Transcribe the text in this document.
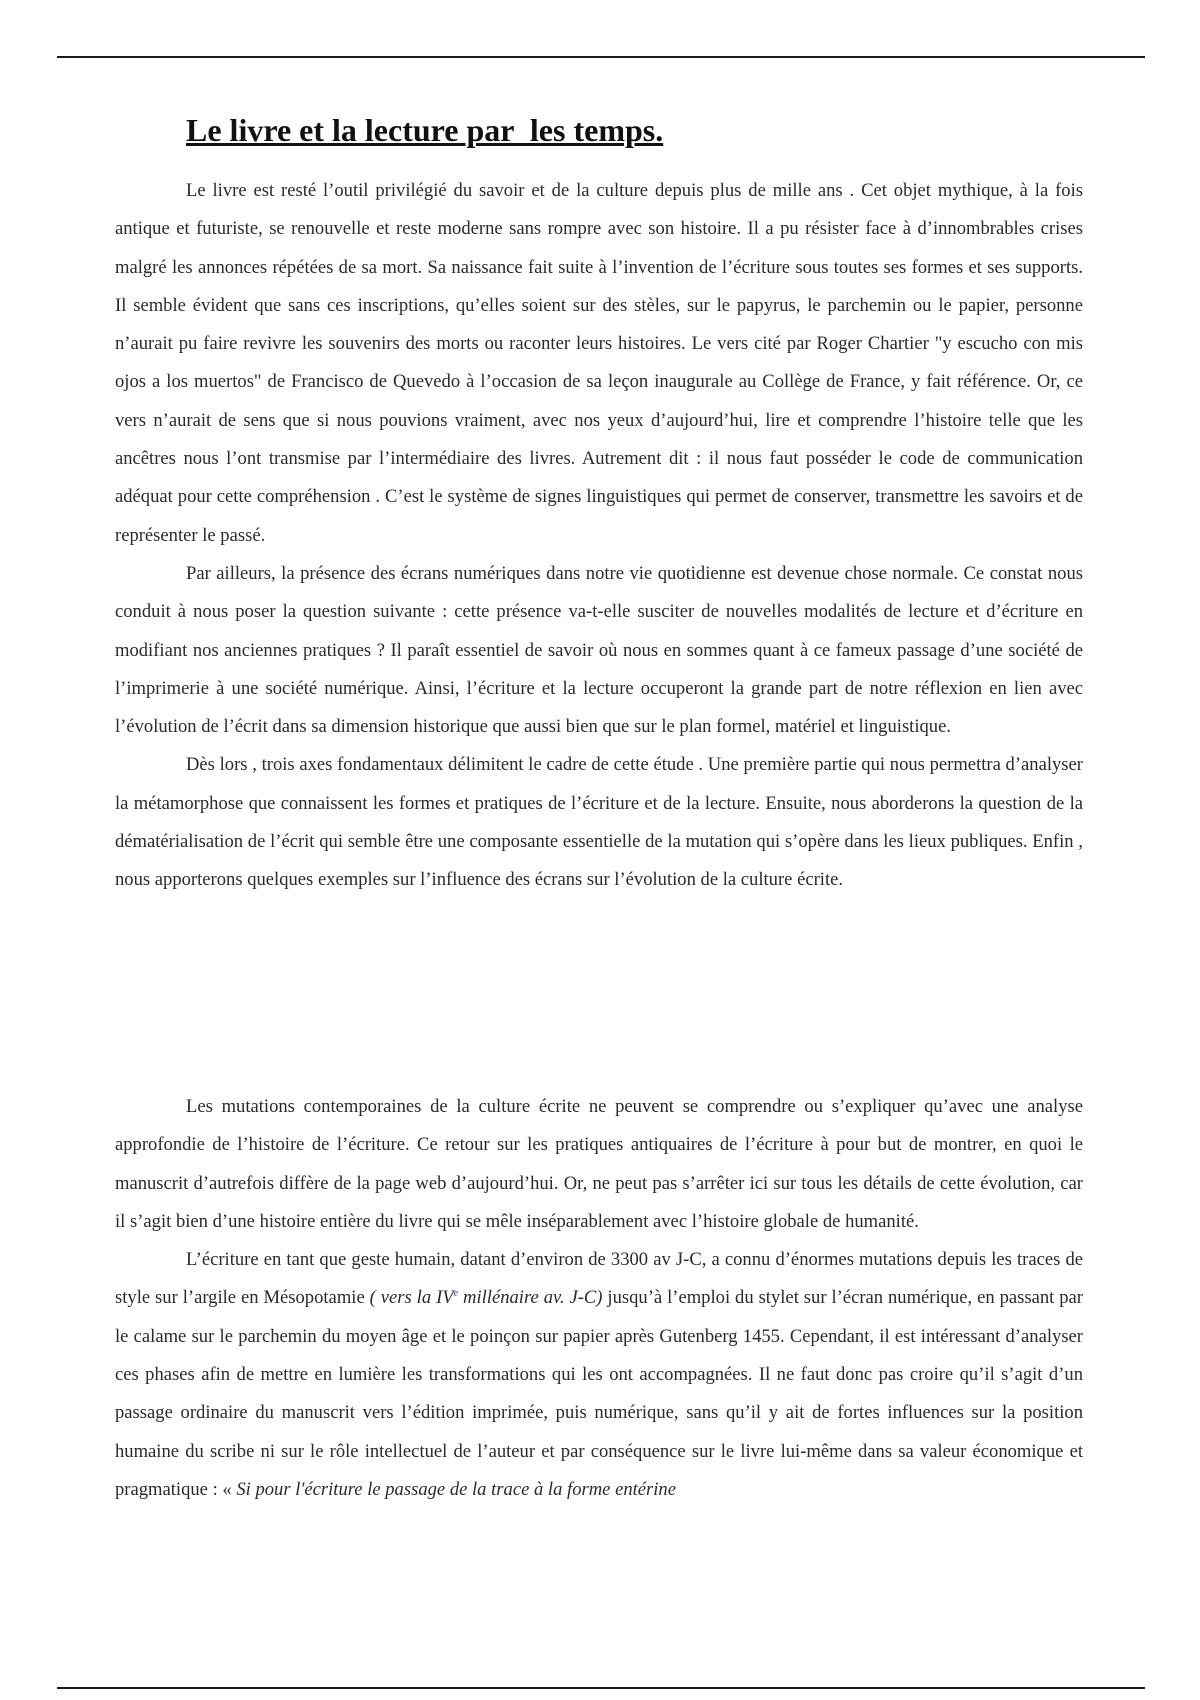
Le livre et la lecture par  les temps.

Le livre est resté l’outil privilégié du savoir et de la culture depuis plus de mille ans . Cet objet mythique, à la fois antique et futuriste, se renouvelle et reste moderne sans rompre avec son histoire. Il a pu résister face à d’innombrables crises malgré les annonces répétées de sa mort. Sa naissance fait suite à l’invention de l’écriture sous toutes ses formes et ses supports. Il semble évident que sans ces inscriptions, qu’elles soient sur des stèles, sur le papyrus, le parchemin ou le papier, personne n’aurait pu faire revivre les souvenirs des morts ou raconter leurs histoires. Le vers cité par Roger Chartier "y escucho con mis ojos a los muertos" de Francisco de Quevedo à l’occasion de sa leçon inaugurale au Collège de France, y fait référence. Or, ce vers n’aurait de sens que si nous pouvions vraiment, avec nos yeux d’aujourd’hui, lire et comprendre l’histoire telle que les ancêtres nous l’ont transmise par l’intermédiaire des livres. Autrement dit : il nous faut posséder le code de communication adéquat pour cette compréhension . C’est le système de signes linguistiques qui permet de conserver, transmettre les savoirs et de représenter le passé.

Par ailleurs, la présence des écrans numériques dans notre vie quotidienne est devenue chose normale. Ce constat nous conduit à nous poser la question suivante : cette présence va-t-elle susciter de nouvelles modalités de lecture et d’écriture en modifiant nos anciennes pratiques ? Il paraît essentiel de savoir où nous en sommes quant à ce fameux passage d’une société de l’imprimerie à une société numérique. Ainsi, l’écriture et la lecture occuperont la grande part de notre réflexion en lien avec l’évolution de l’écrit dans sa dimension historique que aussi bien que sur le plan formel, matériel et linguistique.

Dès lors , trois axes fondamentaux délimitent le cadre de cette étude . Une première partie qui nous permettra d’analyser la métamorphose que connaissent les formes et pratiques de l’écriture et de la lecture. Ensuite, nous aborderons la question de la dématérialisation de l’écrit qui semble être une composante essentielle de la mutation qui s’opère dans les lieux publiques. Enfin , nous apporterons quelques exemples sur l’influence des écrans sur l’évolution de la culture écrite.

Les mutations contemporaines de la culture écrite ne peuvent se comprendre ou s’expliquer qu’avec une analyse approfondie de l’histoire de l’écriture. Ce retour sur les pratiques antiquaires de l’écriture à pour but de montrer, en quoi le manuscrit d’autrefois diffère de la page web d’aujourd’hui. Or, ne peut pas s’arrêter ici sur tous les détails de cette évolution, car il s’agit bien d’une histoire entière du livre qui se mêle inséparablement avec l’histoire globale de humanité.

L’écriture en tant que geste humain, datant d’environ de 3300 av J-C, a connu d’énormes mutations depuis les traces de style sur l’argile en Mésopotamie ( vers la IVe millénaire av. J-C) jusqu’à l’emploi du stylet sur l’écran numérique, en passant par le calame sur le parchemin du moyen âge et le poinçon sur papier après Gutenberg 1455. Cependant, il est intéressant d’analyser ces phases afin de mettre en lumière les transformations qui les ont accompagnées. Il ne faut donc pas croire qu’il s’agit d’un passage ordinaire du manuscrit vers l’édition imprimée, puis numérique, sans qu’il y ait de fortes influences sur la position humaine du scribe ni sur le rôle intellectuel de l’auteur et par conséquence sur le livre lui-même dans sa valeur économique et pragmatique : « Si pour l'écriture le passage de la trace à la forme entérine
